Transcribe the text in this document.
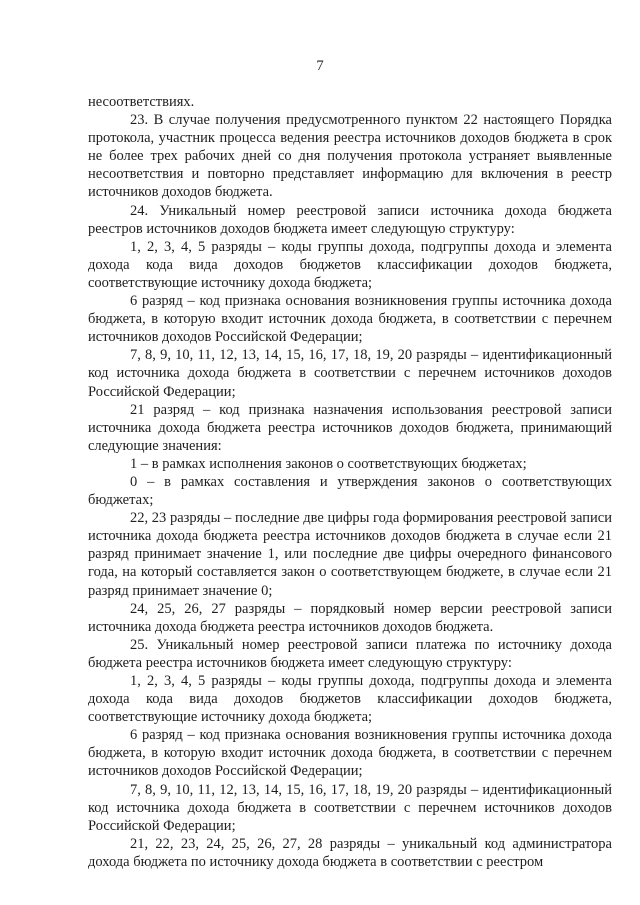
7

несоответствиях.

23. В случае получения предусмотренного пунктом 22 настоящего Порядка протокола, участник процесса ведения реестра источников доходов бюджета в срок не более трех рабочих дней со дня получения протокола устраняет выявленные несоответствия и повторно представляет информацию для включения в реестр источников доходов бюджета.

24. Уникальный номер реестровой записи источника дохода бюджета реестров источников доходов бюджета имеет следующую структуру:

1, 2, 3, 4, 5 разряды – коды группы дохода, подгруппы дохода и элемента дохода кода вида доходов бюджетов классификации доходов бюджета, соответствующие источнику дохода бюджета;

6 разряд – код признака основания возникновения группы источника дохода бюджета, в которую входит источник дохода бюджета, в соответствии с перечнем источников доходов Российской Федерации;

7, 8, 9, 10, 11, 12, 13, 14, 15, 16, 17, 18, 19, 20 разряды – идентификационный код источника дохода бюджета в соответствии с перечнем источников доходов Российской Федерации;

21 разряд – код признака назначения использования реестровой записи источника дохода бюджета реестра источников доходов бюджета, принимающий следующие значения:

1 – в рамках исполнения законов о соответствующих бюджетах;

0 – в рамках составления и утверждения законов о соответствующих бюджетах;

22, 23 разряды – последние две цифры года формирования реестровой записи источника дохода бюджета реестра источников доходов бюджета в случае если 21 разряд принимает значение 1, или последние две цифры очередного финансового года, на который составляется закон о соответствующем бюджете, в случае если 21 разряд принимает значение 0;

24, 25, 26, 27 разряды – порядковый номер версии реестровой записи источника дохода бюджета реестра источников доходов бюджета.

25. Уникальный номер реестровой записи платежа по источнику дохода бюджета реестра источников бюджета имеет следующую структуру:

1, 2, 3, 4, 5 разряды – коды группы дохода, подгруппы дохода и элемента дохода кода вида доходов бюджетов классификации доходов бюджета, соответствующие источнику дохода бюджета;

6 разряд – код признака основания возникновения группы источника дохода бюджета, в которую входит источник дохода бюджета, в соответствии с перечнем источников доходов Российской Федерации;

7, 8, 9, 10, 11, 12, 13, 14, 15, 16, 17, 18, 19, 20 разряды – идентификационный код источника дохода бюджета в соответствии с перечнем источников доходов Российской Федерации;

21, 22, 23, 24, 25, 26, 27, 28 разряды – уникальный код администратора дохода бюджета по источнику дохода бюджета в соответствии с реестром
